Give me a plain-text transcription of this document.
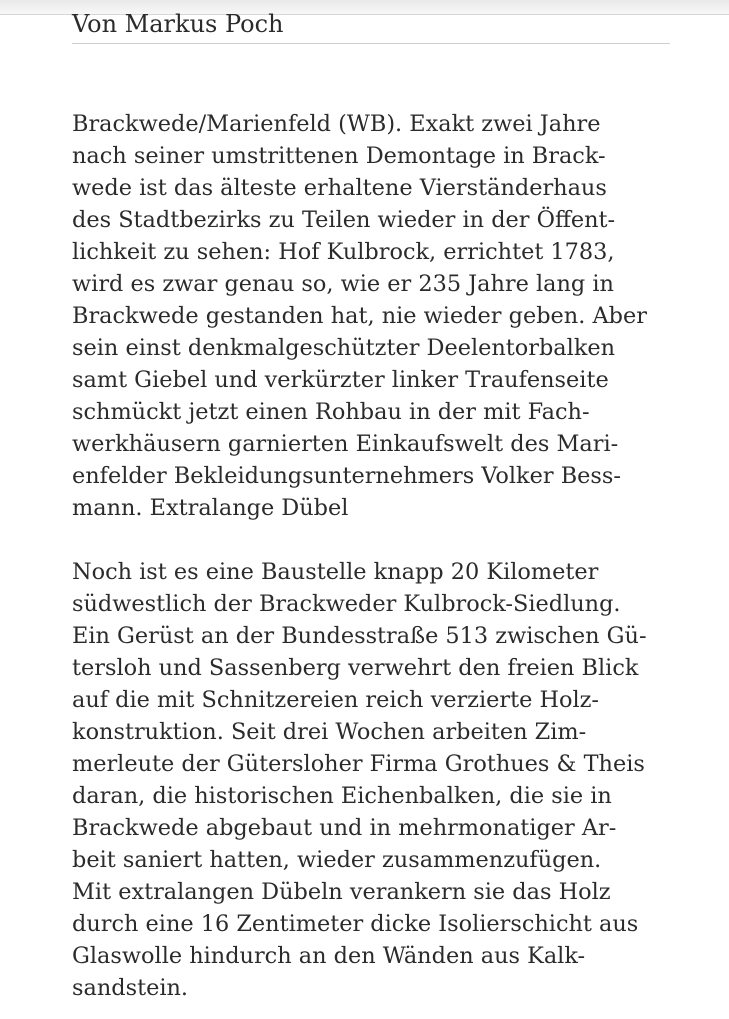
Von Markus Poch

Brackwede/Marienfeld (WB). Exakt zwei Jahre
nach seiner umstrittenen Demontage in Brack-
wede ist das älteste erhaltene Vierständerhaus
des Stadtbezirks zu Teilen wieder in der Öffent-
lichkeit zu sehen: Hof Kulbrock, errichtet 1783,
wird es zwar genau so, wie er 235 Jahre lang in
Brackwede gestanden hat, nie wieder geben. Aber
sein einst denkmalgeschützter Deelentorbalken
samt Giebel und verkürzter linker Traufenseite
schmückt jetzt einen Rohbau in der mit Fach-
werkhäusern garnierten Einkaufswelt des Mari-
enfelder Bekleidungsunternehmers Volker Bess-
mann. Extralange Dübel

Noch ist es eine Baustelle knapp 20 Kilometer
südwestlich der Brackweder Kulbrock-Siedlung.
Ein Gerüst an der Bundesstraße 513 zwischen Gü-
tersloh und Sassenberg verwehrt den freien Blick
auf die mit Schnitzereien reich verzierte Holz-
konstruktion. Seit drei Wochen arbeiten Zim-
merleute der Gütersloher Firma Grothues & Theis
daran, die historischen Eichenbalken, die sie in
Brackwede abgebaut und in mehrmonatiger Ar-
beit saniert hatten, wieder zusammenzufügen.
Mit extralangen Dübeln verankern sie das Holz
durch eine 16 Zentimeter dicke Isolierschicht aus
Glaswolle hindurch an den Wänden aus Kalk-
sandstein.
